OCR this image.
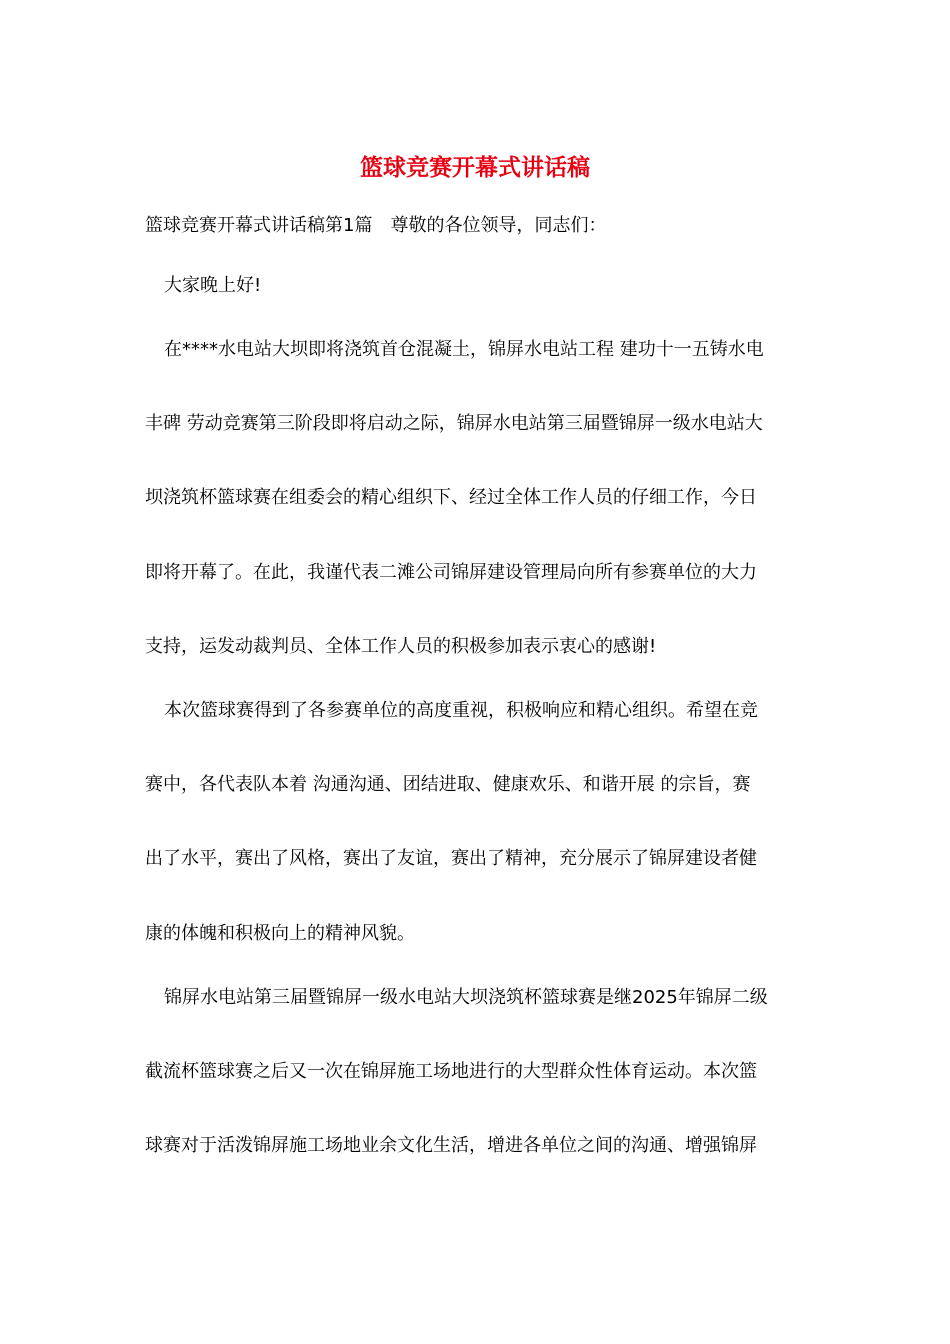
篮球竞赛开幕式讲话稿
篮球竞赛开幕式讲话稿第1篇　尊敬的各位领导，同志们：
大家晚上好!
在****水电站大坝即将浇筑首仓混凝土，锦屏水电站工程 建功十一五铸水电
丰碑 劳动竞赛第三阶段即将启动之际，锦屏水电站第三届暨锦屏一级水电站大
坝浇筑杯篮球赛在组委会的精心组织下、经过全体工作人员的仔细工作，今日
即将开幕了。在此，我谨代表二滩公司锦屏建设管理局向所有参赛单位的大力
支持，运发动裁判员、全体工作人员的积极参加表示衷心的感谢!
本次篮球赛得到了各参赛单位的高度重视，积极响应和精心组织。希望在竞
赛中，各代表队本着 沟通沟通、团结进取、健康欢乐、和谐开展 的宗旨，赛
出了水平，赛出了风格，赛出了友谊，赛出了精神，充分展示了锦屏建设者健
康的体魄和积极向上的精神风貌。
锦屏水电站第三届暨锦屏一级水电站大坝浇筑杯篮球赛是继2025年锦屏二级
截流杯篮球赛之后又一次在锦屏施工场地进行的大型群众性体育运动。本次篮
球赛对于活泼锦屏施工场地业余文化生活，增进各单位之间的沟通、增强锦屏
